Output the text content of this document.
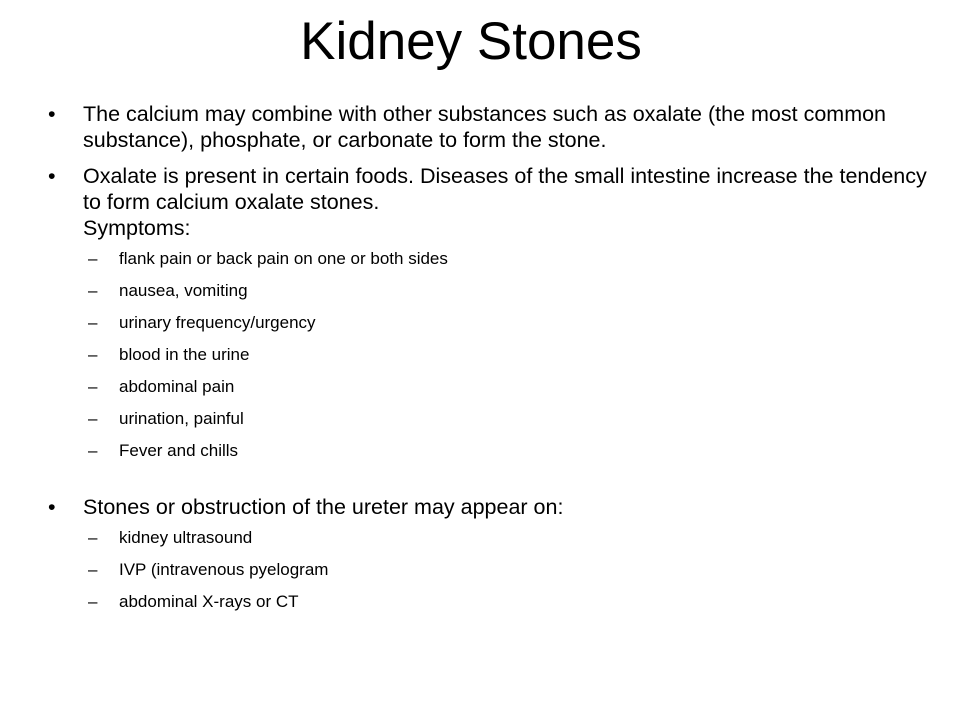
Kidney Stones

• The calcium may combine with other substances such as oxalate (the most common substance), phosphate, or carbonate to form the stone.

• Oxalate is present in certain foods. Diseases of the small intestine increase the tendency to form calcium oxalate stones.
Symptoms:

– flank pain or back pain on one or both sides
– nausea, vomiting
– urinary frequency/urgency
– blood in the urine
– abdominal pain
– urination, painful
– Fever and chills

• Stones or obstruction of the ureter may appear on:

– kidney ultrasound
– IVP (intravenous pyelogram
– abdominal X-rays or CT
